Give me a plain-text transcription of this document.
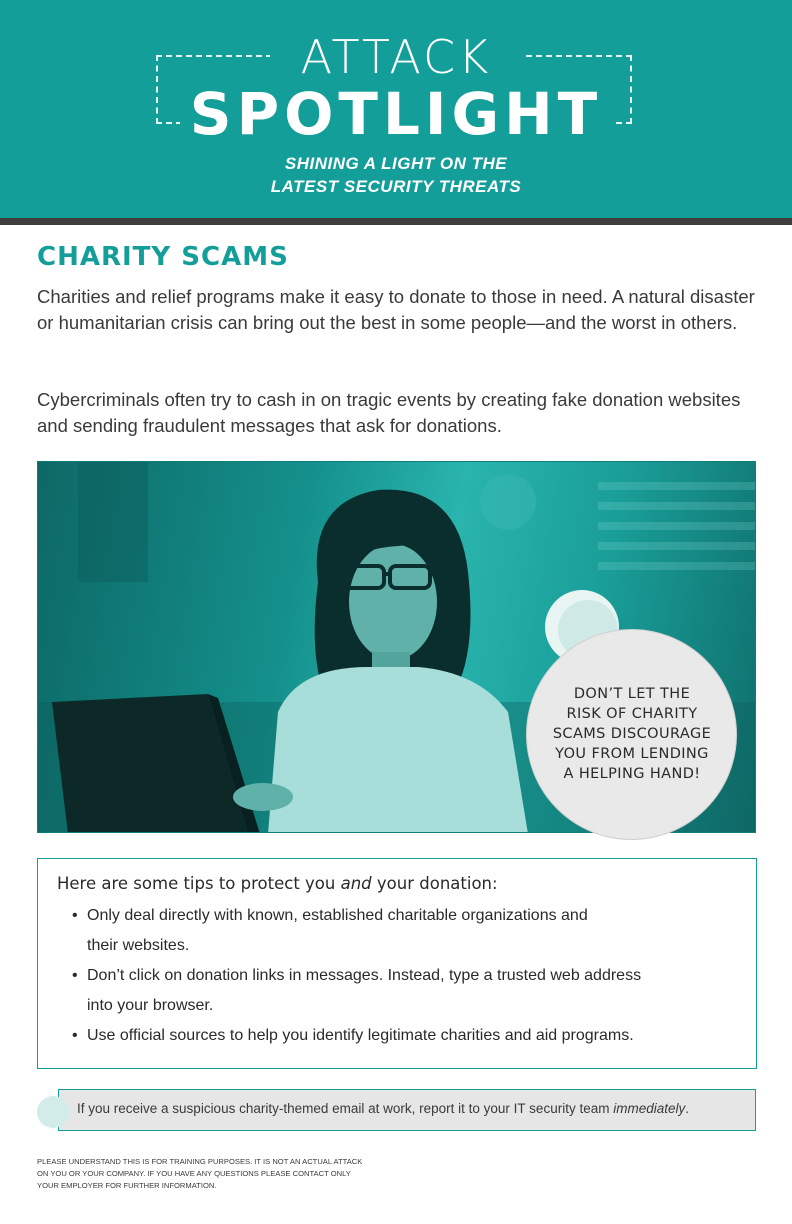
ATTACK
SPOTLIGHT
SHINING A LIGHT ON THE
LATEST SECURITY THREATS
CHARITY SCAMS

Charities and relief programs make it easy to donate to those in need. A natural disaster or humanitarian crisis can bring out the best in some people—and the worst in others.

Cybercriminals often try to cash in on tragic events by creating fake donation websites and sending fraudulent messages that ask for donations.

DON’T LET THE
RISK OF CHARITY
SCAMS DISCOURAGE
YOU FROM LENDING
A HELPING HAND!
Here are some tips to protect you and your donation:
• Only deal directly with known, established charitable organizations and
their websites.
• Don’t click on donation links in messages. Instead, type a trusted web address
into your browser.
• Use official sources to help you identify legitimate charities and aid programs.
If you receive a suspicious charity-themed email at work, report it to your IT security team immediately.
PLEASE UNDERSTAND THIS IS FOR TRAINING PURPOSES. IT IS NOT AN ACTUAL ATTACK
ON YOU OR YOUR COMPANY. IF YOU HAVE ANY QUESTIONS PLEASE CONTACT ONLY
YOUR EMPLOYER FOR FURTHER INFORMATION.
